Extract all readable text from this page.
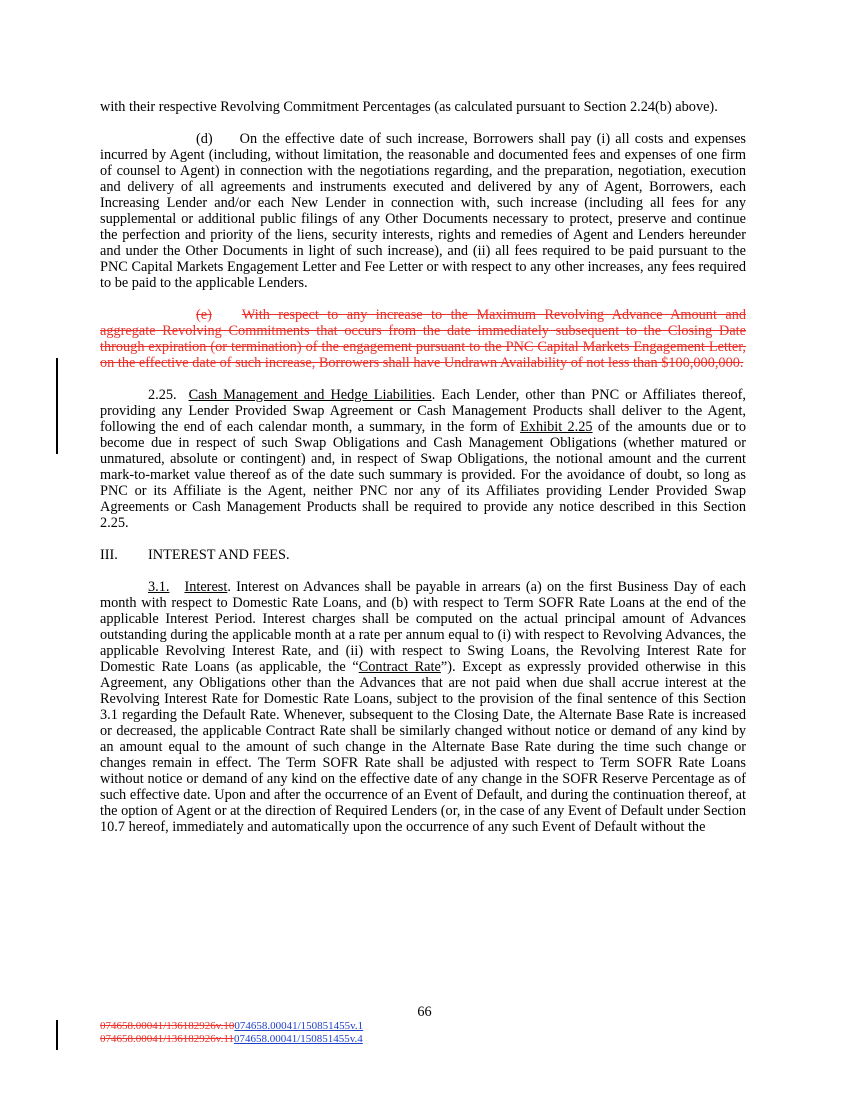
with their respective Revolving Commitment Percentages (as calculated pursuant to Section 2.24(b) above).

(d) On the effective date of such increase, Borrowers shall pay (i) all costs and expenses incurred by Agent (including, without limitation, the reasonable and documented fees and expenses of one firm of counsel to Agent) in connection with the negotiations regarding, and the preparation, negotiation, execution and delivery of all agreements and instruments executed and delivered by any of Agent, Borrowers, each Increasing Lender and/or each New Lender in connection with, such increase (including all fees for any supplemental or additional public filings of any Other Documents necessary to protect, preserve and continue the perfection and priority of the liens, security interests, rights and remedies of Agent and Lenders hereunder and under the Other Documents in light of such increase), and (ii) all fees required to be paid pursuant to the PNC Capital Markets Engagement Letter and Fee Letter or with respect to any other increases, any fees required to be paid to the applicable Lenders.

(e) With respect to any increase to the Maximum Revolving Advance Amount and aggregate Revolving Commitments that occurs from the date immediately subsequent to the Closing Date through expiration (or termination) of the engagement pursuant to the PNC Capital Markets Engagement Letter, on the effective date of such increase, Borrowers shall have Undrawn Availability of not less than $100,000,000.

2.25. Cash Management and Hedge Liabilities. Each Lender, other than PNC or Affiliates thereof, providing any Lender Provided Swap Agreement or Cash Management Products shall deliver to the Agent, following the end of each calendar month, a summary, in the form of Exhibit 2.25 of the amounts due or to become due in respect of such Swap Obligations and Cash Management Obligations (whether matured or unmatured, absolute or contingent) and, in respect of Swap Obligations, the notional amount and the current mark-to-market value thereof as of the date such summary is provided. For the avoidance of doubt, so long as PNC or its Affiliate is the Agent, neither PNC nor any of its Affiliates providing Lender Provided Swap Agreements or Cash Management Products shall be required to provide any notice described in this Section 2.25.

III. INTEREST AND FEES.

3.1. Interest. Interest on Advances shall be payable in arrears (a) on the first Business Day of each month with respect to Domestic Rate Loans, and (b) with respect to Term SOFR Rate Loans at the end of the applicable Interest Period. Interest charges shall be computed on the actual principal amount of Advances outstanding during the applicable month at a rate per annum equal to (i) with respect to Revolving Advances, the applicable Revolving Interest Rate, and (ii) with respect to Swing Loans, the Revolving Interest Rate for Domestic Rate Loans (as applicable, the “Contract Rate”). Except as expressly provided otherwise in this Agreement, any Obligations other than the Advances that are not paid when due shall accrue interest at the Revolving Interest Rate for Domestic Rate Loans, subject to the provision of the final sentence of this Section 3.1 regarding the Default Rate. Whenever, subsequent to the Closing Date, the Alternate Base Rate is increased or decreased, the applicable Contract Rate shall be similarly changed without notice or demand of any kind by an amount equal to the amount of such change in the Alternate Base Rate during the time such change or changes remain in effect. The Term SOFR Rate shall be adjusted with respect to Term SOFR Rate Loans without notice or demand of any kind on the effective date of any change in the SOFR Reserve Percentage as of such effective date. Upon and after the occurrence of an Event of Default, and during the continuation thereof, at the option of Agent or at the direction of Required Lenders (or, in the case of any Event of Default under Section 10.7 hereof, immediately and automatically upon the occurrence of any such Event of Default without the

66
074658.00041/136182926v.10074658.00041/150851455v.1
074658.00041/136182926v.11074658.00041/150851455v.4
